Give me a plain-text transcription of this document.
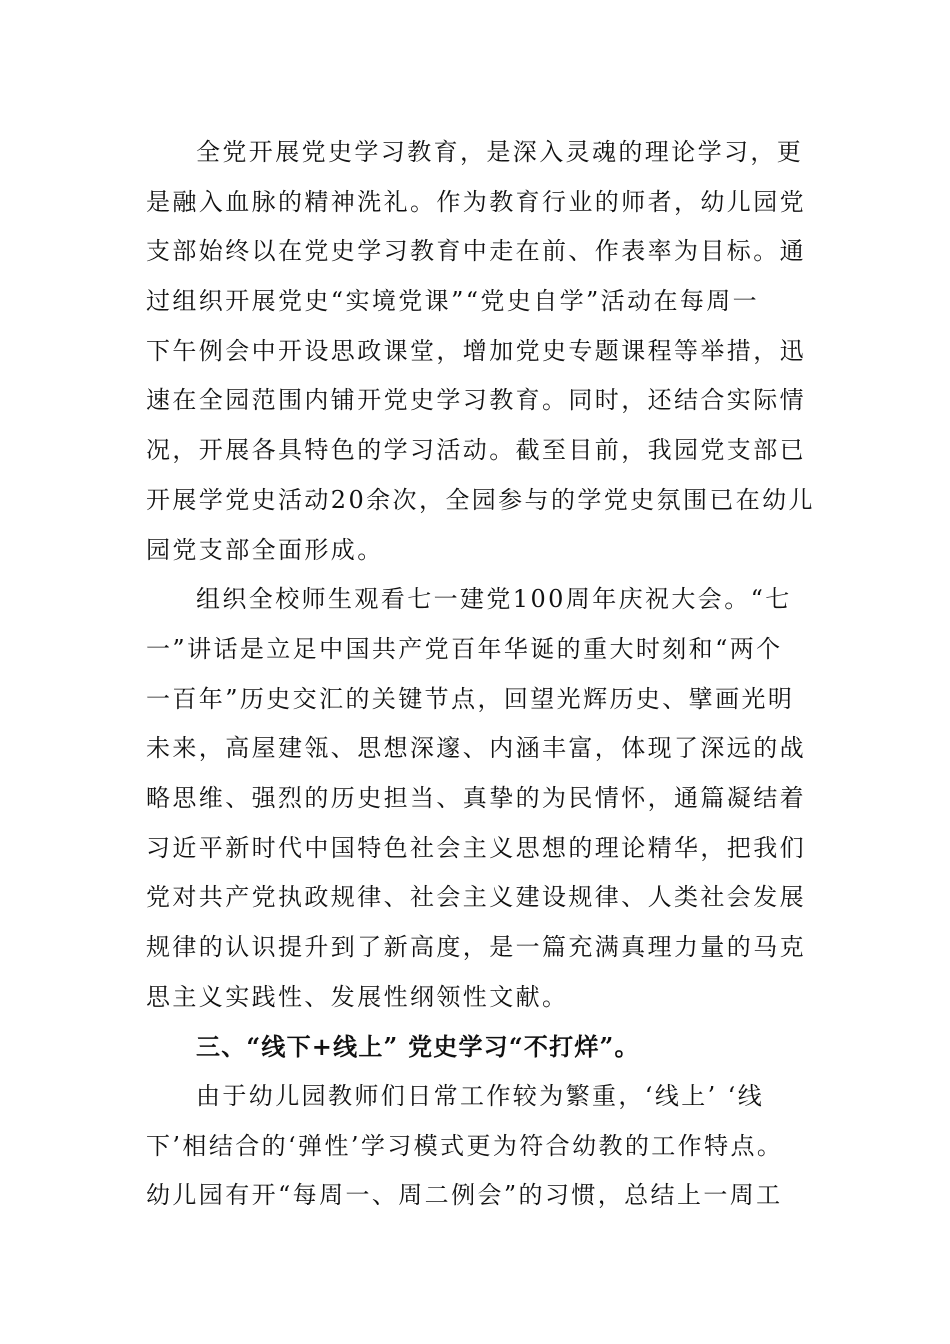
全党开展党史学习教育，是深入灵魂的理论学习，更
是融入血脉的精神洗礼。作为教育行业的师者，幼儿园党
支部始终以在党史学习教育中走在前、作表率为目标。通
过组织开展党史“实境党课”“党史自学”活动在每周一
下午例会中开设思政课堂，增加党史专题课程等举措，迅
速在全园范围内铺开党史学习教育。同时，还结合实际情
况，开展各具特色的学习活动。截至目前，我园党支部已
开展学党史活动20余次，全园参与的学党史氛围已在幼儿
园党支部全面形成。
组织全校师生观看七一建党100周年庆祝大会。“七
一”讲话是立足中国共产党百年华诞的重大时刻和“两个
一百年”历史交汇的关键节点，回望光辉历史、擘画光明
未来，高屋建瓴、思想深邃、内涵丰富，体现了深远的战
略思维、强烈的历史担当、真挚的为民情怀，通篇凝结着
习近平新时代中国特色社会主义思想的理论精华，把我们
党对共产党执政规律、社会主义建设规律、人类社会发展
规律的认识提升到了新高度，是一篇充满真理力量的马克
思主义实践性、发展性纲领性文献。
三、“线下+线上” 党史学习“不打烊”。
由于幼儿园教师们日常工作较为繁重，‘线上’ ‘线
下’相结合的‘弹性’学习模式更为符合幼教的工作特点。
幼儿园有开“每周一、周二例会”的习惯，总结上一周工
